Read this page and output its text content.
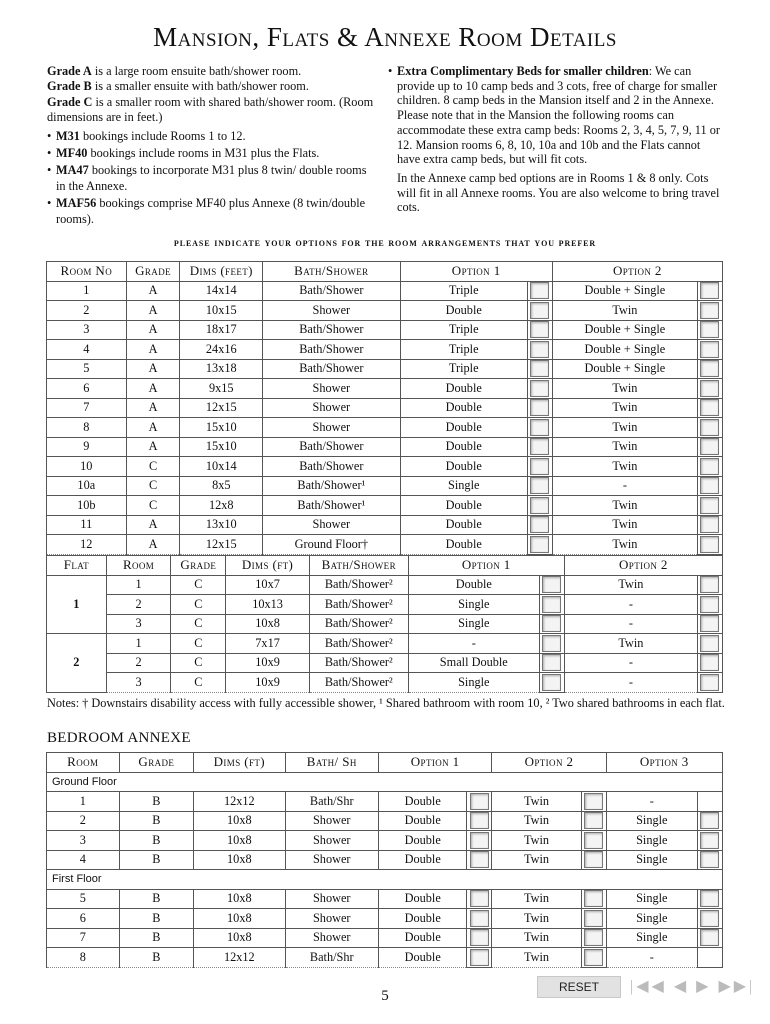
Mansion, Flats & Annexe Room Details

Grade A is a large room ensuite bath/shower room.

Grade B is a smaller ensuite with bath/shower room.

Grade C is a smaller room with shared bath/shower room. (Room dimensions are in feet.)

• M31 bookings include Rooms 1 to 12.
• MF40 bookings include rooms in M31 plus the Flats.
• MA47 bookings to incorporate M31 plus 8 twin/ double rooms in the Annexe.
• MAF56 bookings comprise MF40 plus Annexe (8 twin/double rooms).

• Extra Complimentary Beds for smaller children: We can provide up to 10 camp beds and 3 cots, free of charge for smaller children. 8 camp beds in the Mansion itself and 2 in the Annexe. Please note that in the Mansion the following rooms can accommodate these extra camp beds: Rooms 2, 3, 4, 5, 7, 9, 11 or 12. Mansion rooms 6, 8, 10, 10a and 10b and the Flats cannot have extra camp beds, but will fit cots.

In the Annexe camp bed options are in Rooms 1 & 8 only. Cots will fit in all Annexe rooms. You are also welcome to bring travel cots.

please indicate your options for the room arrangements that you prefer
Room No	Grade	Dims (feet)	Bath/Shower	Option 1		Option 2	
1	A	14x14	Bath/Shower	Triple		Double + Single	
2	A	10x15	Shower	Double		Twin	
3	A	18x17	Bath/Shower	Triple		Double + Single	
4	A	24x16	Bath/Shower	Triple		Double + Single	
5	A	13x18	Bath/Shower	Triple		Double + Single	
6	A	9x15	Shower	Double		Twin	
7	A	12x15	Shower	Double		Twin	
8	A	15x10	Shower	Double		Twin	
9	A	15x10	Bath/Shower	Double		Twin	
10	C	10x14	Bath/Shower	Double		Twin	
10a	C	8x5	Bath/Shower¹	Single		-	
10b	C	12x8	Bath/Shower¹	Double		Twin	
11	A	13x10	Shower	Double		Twin	
12	A	12x15	Ground Floor†	Double		Twin	
Flat	Room	Grade	Dims (ft)	Bath/Shower	Option 1		Option 2	
1	1	C	10x7	Bath/Shower²	Double		Twin	
	2	C	10x13	Bath/Shower²	Single		-	
	3	C	10x8	Bath/Shower²	Single		-	
2	1	C	7x17	Bath/Shower²	-		Twin	
	2	C	10x9	Bath/Shower²	Small Double		-	
	3	C	10x9	Bath/Shower²	Single		-	
Notes: † Downstairs disability access with fully accessible shower, ¹ Shared bathroom with room 10, ² Two shared bathrooms in each flat.
BEDROOM ANNEXE
Room	Grade	Dims (ft)	Bath/ Sh	Option 1		Option 2		Option 3	
Ground Floor									
1	B	12x12	Bath/Shr	Double		Twin		-	
2	B	10x8	Shower	Double		Twin		Single	
3	B	10x8	Shower	Double		Twin		Single	
4	B	10x8	Shower	Double		Twin		Single	
First Floor									
5	B	10x8	Shower	Double		Twin		Single	
6	B	10x8	Shower	Double		Twin		Single	
7	B	10x8	Shower	Double		Twin		Single	
8	B	12x12	Bath/Shr	Double		Twin		-	
5
RESET	|◀◀ ◀ ▶ ▶▶|
